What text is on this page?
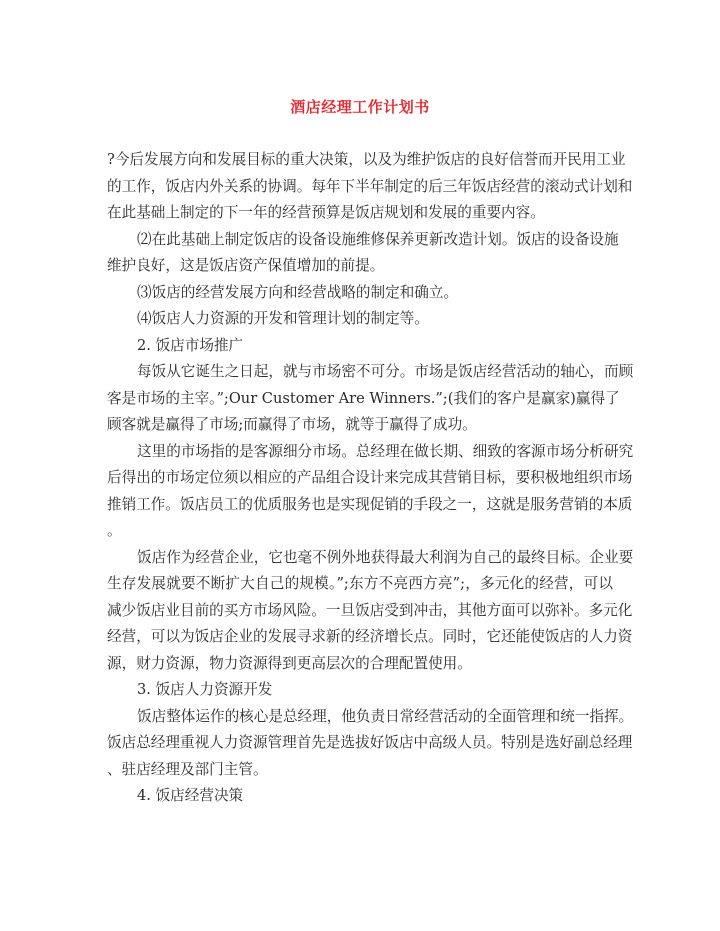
酒店经理工作计划书
?今后发展方向和发展目标的重大决策，以及为维护饭店的良好信誉而开民用工业
的工作，饭店内外关系的协调。每年下半年制定的后三年饭店经营的滚动式计划和
在此基础上制定的下一年的经营预算是饭店规划和发展的重要内容。
⑵在此基础上制定饭店的设备设施维修保养更新改造计划。饭店的设备设施
维护良好，这是饭店资产保值增加的前提。
⑶饭店的经营发展方向和经营战略的制定和确立。
⑷饭店人力资源的开发和管理计划的制定等。
2. 饭店市场推广
每饭从它诞生之日起，就与市场密不可分。市场是饭店经营活动的轴心，而顾
客是市场的主宰。”;Our Customer Are Winners.”;(我们的客户是赢家)赢得了
顾客就是赢得了市场;而赢得了市场，就等于赢得了成功。
这里的市场指的是客源细分市场。总经理在做长期、细致的客源市场分析研究
后得出的市场定位须以相应的产品组合设计来完成其营销目标，要积极地组织市场
推销工作。饭店员工的优质服务也是实现促销的手段之一，这就是服务营销的本质
。
饭店作为经营企业，它也毫不例外地获得最大利润为自己的最终目标。企业要
生存发展就要不断扩大自己的规模。”;东方不亮西方亮”;，多元化的经营，可以
减少饭店业目前的买方市场风险。一旦饭店受到冲击，其他方面可以弥补。多元化
经营，可以为饭店企业的发展寻求新的经济增长点。同时，它还能使饭店的人力资
源，财力资源，物力资源得到更高层次的合理配置使用。
3. 饭店人力资源开发
饭店整体运作的核心是总经理，他负责日常经营活动的全面管理和统一指挥。
饭店总经理重视人力资源管理首先是选拔好饭店中高级人员。特别是选好副总经理
、驻店经理及部门主管。
4. 饭店经营决策
